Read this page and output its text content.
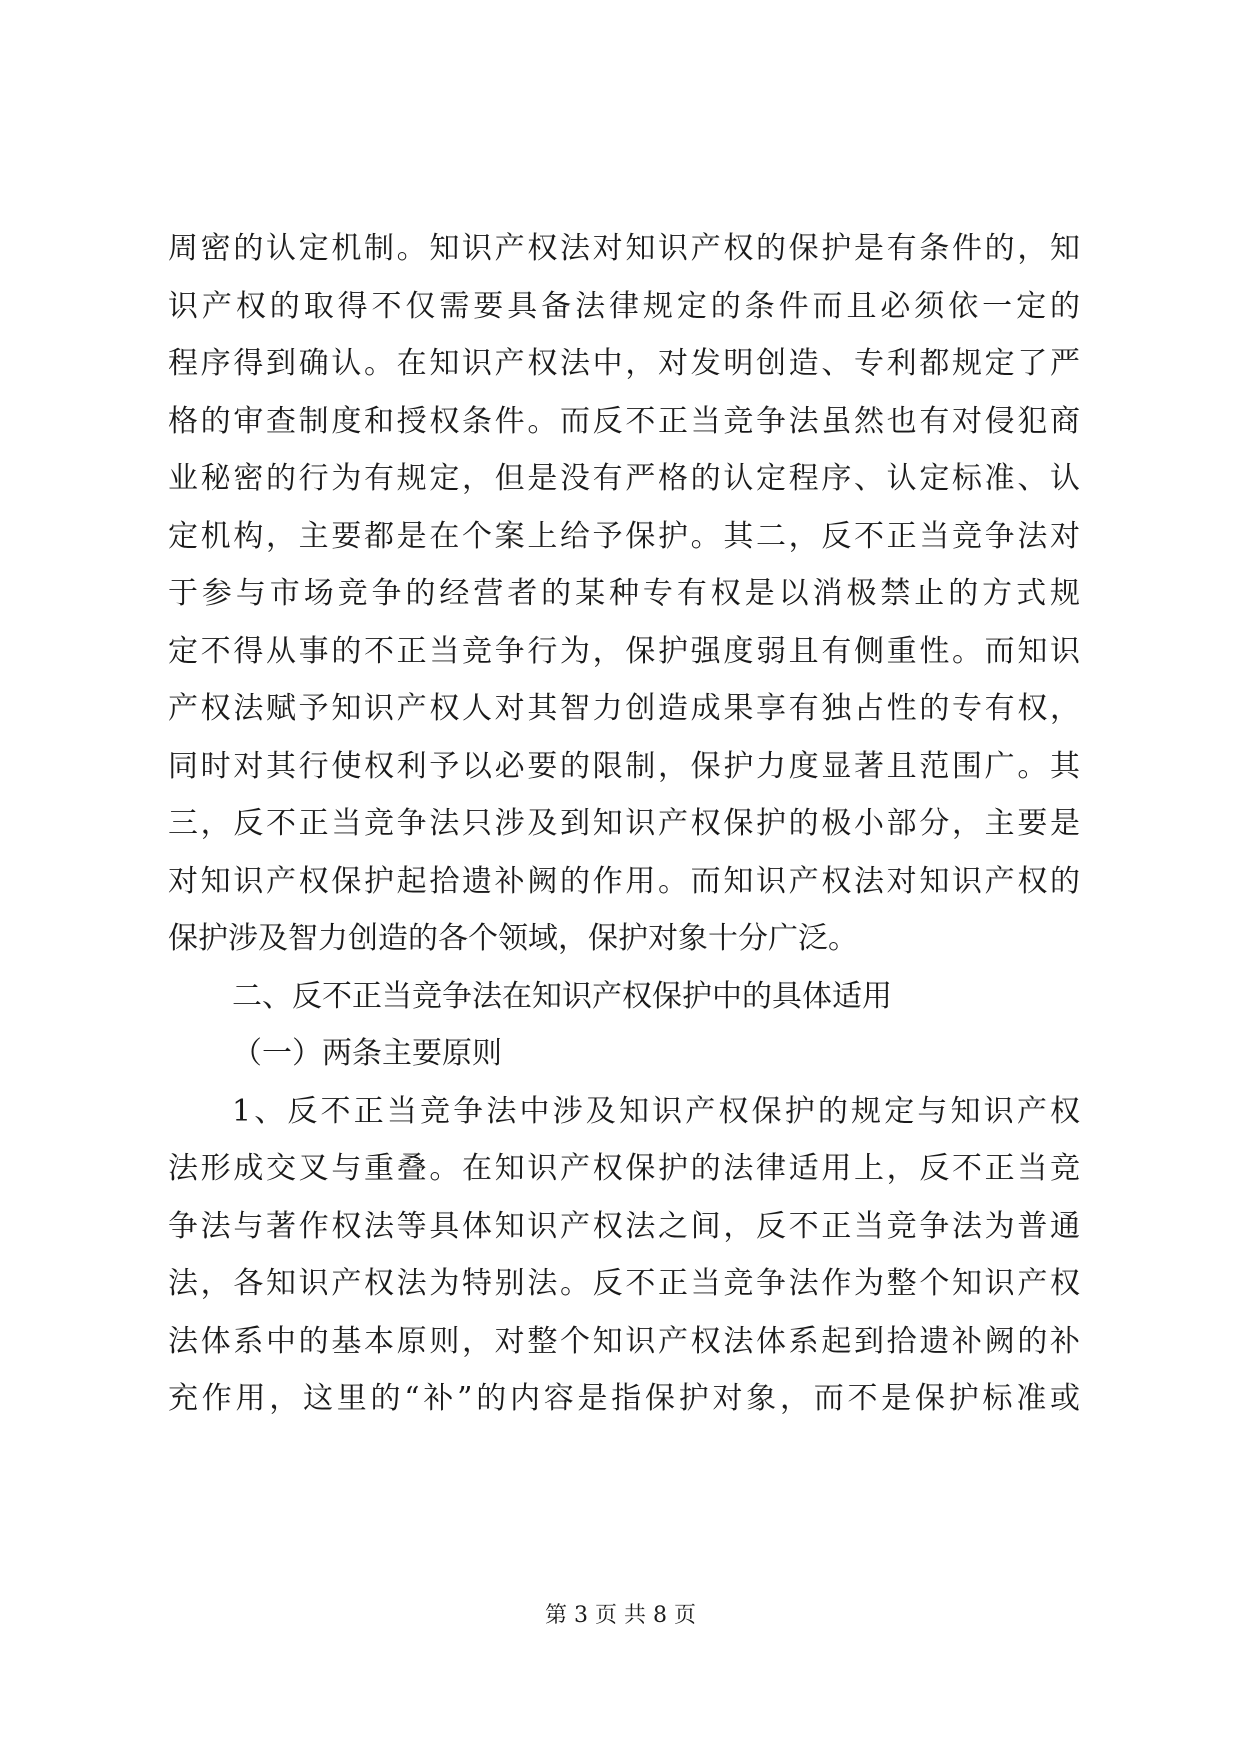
周密的认定机制。知识产权法对知识产权的保护是有条件的，知
识产权的取得不仅需要具备法律规定的条件而且必须依一定的
程序得到确认。在知识产权法中，对发明创造、专利都规定了严
格的审查制度和授权条件。而反不正当竞争法虽然也有对侵犯商
业秘密的行为有规定，但是没有严格的认定程序、认定标准、认
定机构，主要都是在个案上给予保护。其二，反不正当竞争法对
于参与市场竞争的经营者的某种专有权是以消极禁止的方式规
定不得从事的不正当竞争行为，保护强度弱且有侧重性。而知识
产权法赋予知识产权人对其智力创造成果享有独占性的专有权，
同时对其行使权利予以必要的限制，保护力度显著且范围广。其
三，反不正当竞争法只涉及到知识产权保护的极小部分，主要是
对知识产权保护起拾遗补阙的作用。而知识产权法对知识产权的
保护涉及智力创造的各个领域，保护对象十分广泛。
二、反不正当竞争法在知识产权保护中的具体适用
（一）两条主要原则
1、反不正当竞争法中涉及知识产权保护的规定与知识产权
法形成交叉与重叠。在知识产权保护的法律适用上，反不正当竞
争法与著作权法等具体知识产权法之间，反不正当竞争法为普通
法，各知识产权法为特别法。反不正当竞争法作为整个知识产权
法体系中的基本原则，对整个知识产权法体系起到拾遗补阙的补
充作用，这里的“补”的内容是指保护对象，而不是保护标准或
第 3 页 共 8 页
